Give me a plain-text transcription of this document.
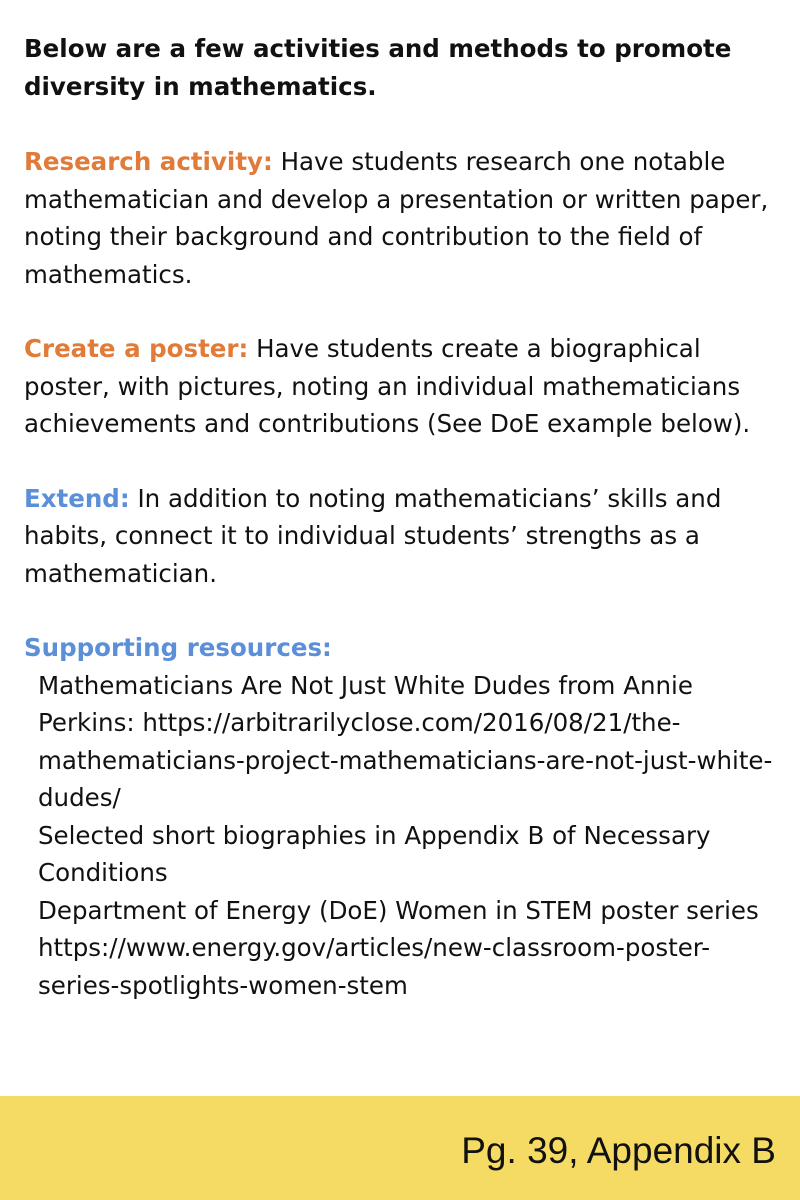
Below are a few activities and methods to promote diversity in mathematics.

Research activity: Have students research one notable mathematician and develop a presentation or written paper, noting their background and contribution to the field of mathematics.

Create a poster: Have students create a biographical poster, with pictures, noting an individual mathematicians achievements and contributions (See DoE example below).

Extend: In addition to noting mathematicians’ skills and habits, connect it to individual students’ strengths as a mathematician.

Supporting resources:
Mathematicians Are Not Just White Dudes from Annie Perkins: https://arbitrarilyclose.com/2016/08/21/the-mathematicians-project-mathematicians-are-not-just-white-dudes/
Selected short biographies in Appendix B of Necessary Conditions
Department of Energy (DoE) Women in STEM poster series https://www.energy.gov/articles/new-classroom-poster-series-spotlights-women-stem
Pg. 39, Appendix B
